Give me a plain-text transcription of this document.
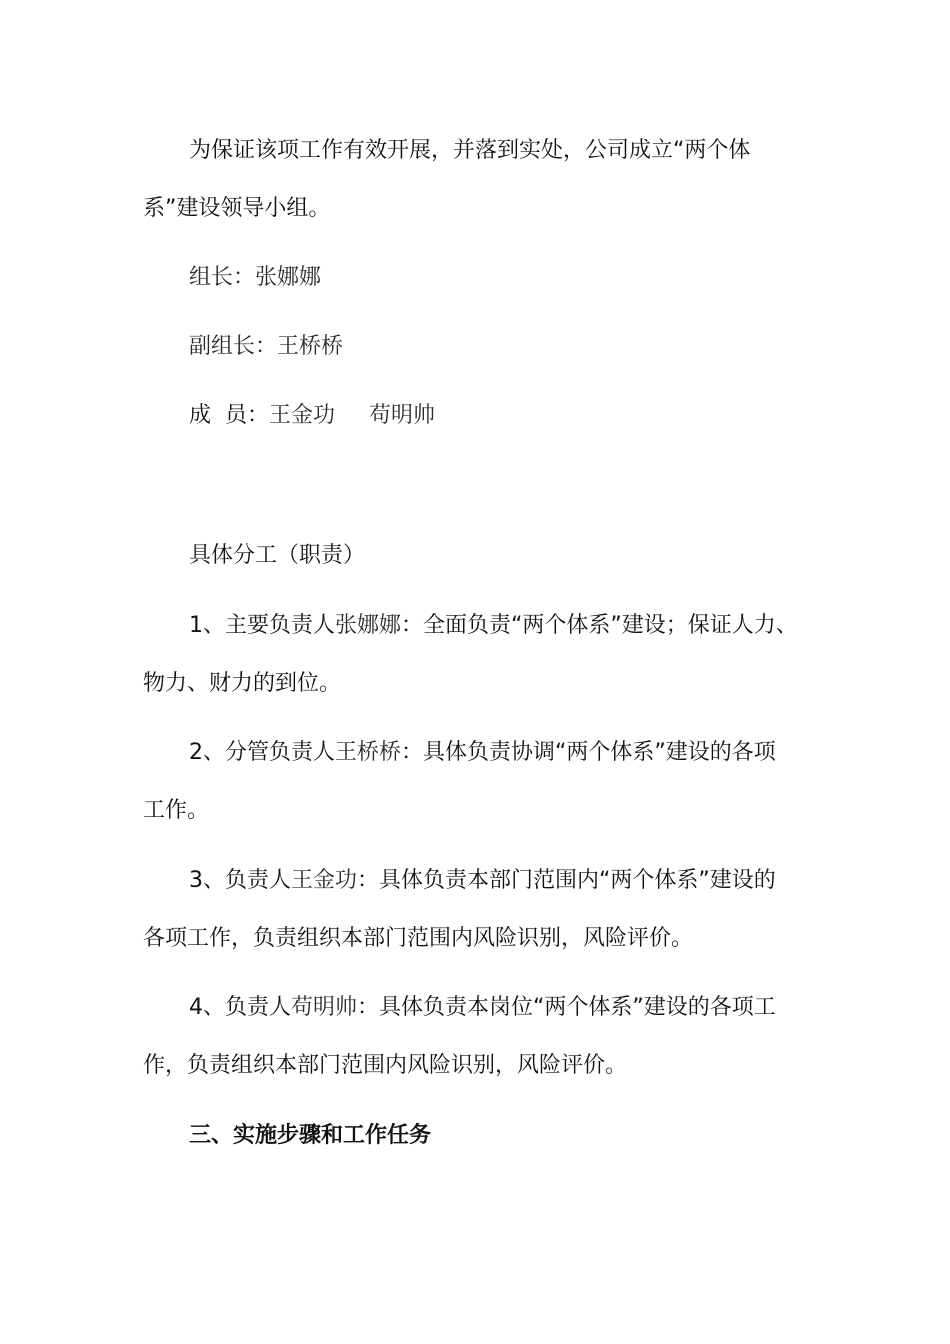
为保证该项工作有效开展，并落到实处，公司成立“两个体
系”建设领导小组。
组长：张娜娜
副组长：王桥桥
成  员：王金功 苟明帅
具体分工（职责）
1、主要负责人张娜娜：全面负责“两个体系”建设；保证人力、
物力、财力的到位。
2、分管负责人王桥桥：具体负责协调“两个体系”建设的各项
工作。
3、负责人王金功：具体负责本部门范围内“两个体系”建设的
各项工作，负责组织本部门范围内风险识别，风险评价。
4、负责人苟明帅：具体负责本岗位“两个体系”建设的各项工
作，负责组织本部门范围内风险识别，风险评价。
三、实施步骤和工作任务
